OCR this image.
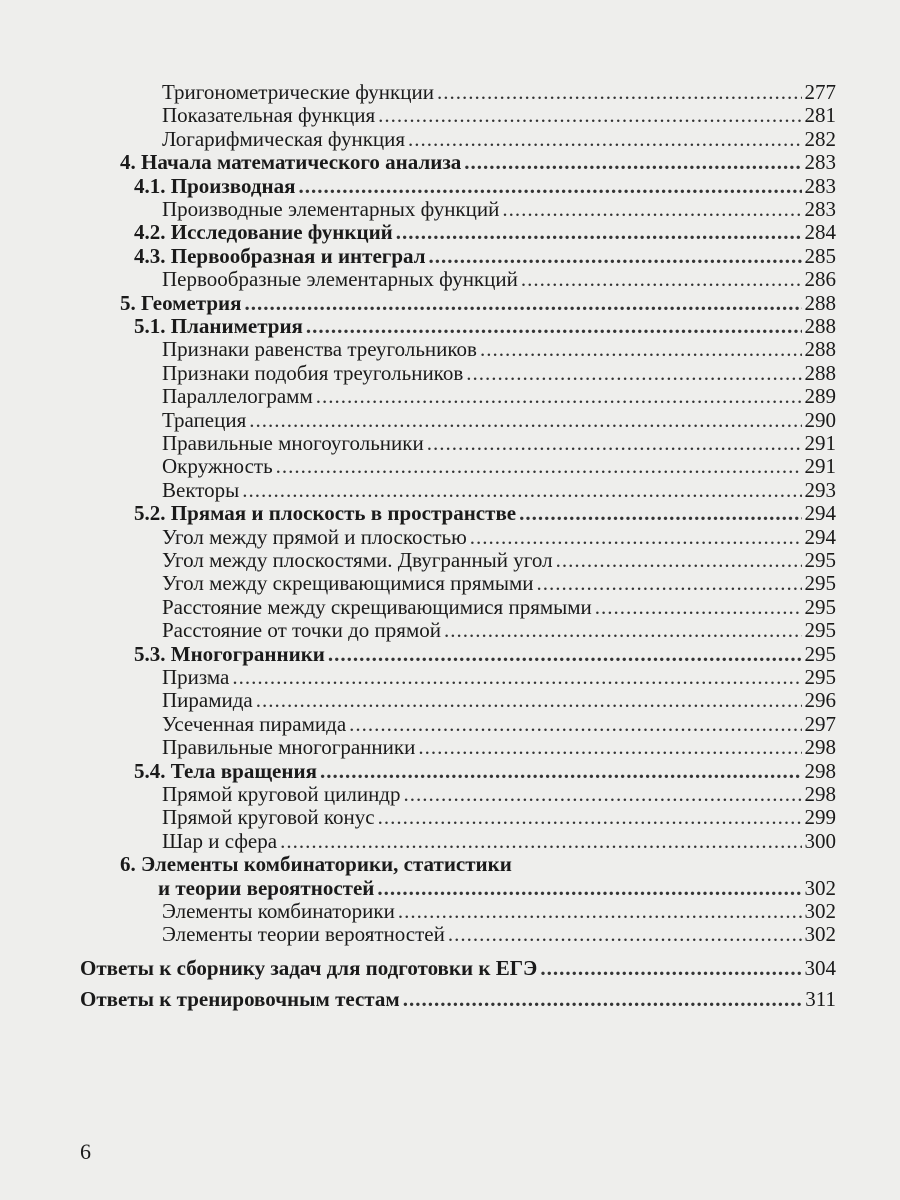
Тригонометрические функции .....	277
Показательная функция .....	281
Логарифмическая функция .....	282
4. Начала математического анализа .....	283
4.1. Производная .....	283
Производные элементарных функций .....	283
4.2. Исследование функций .....	284
4.3. Первообразная и интеграл .....	285
Первообразные элементарных функций .....	286
5. Геометрия .....	288
5.1. Планиметрия .....	288
Признаки равенства треугольников .....	288
Признаки подобия треугольников .....	288
Параллелограмм .....	289
Трапеция .....	290
Правильные многоугольники .....	291
Окружность .....	291
Векторы .....	293
5.2. Прямая и плоскость в пространстве .....	294
Угол между прямой и плоскостью .....	294
Угол между плоскостями. Двугранный угол .....	295
Угол между скрещивающимися прямыми .....	295
Расстояние между скрещивающимися прямыми .....	295
Расстояние от точки до прямой .....	295
5.3. Многогранники .....	295
Призма .....	295
Пирамида .....	296
Усеченная пирамида .....	297
Правильные многогранники .....	298
5.4. Тела вращения .....	298
Прямой круговой цилиндр .....	298
Прямой круговой конус .....	299
Шар и сфера .....	300
6. Элементы комбинаторики, статистики
и теории вероятностей .....	302
Элементы комбинаторики .....	302
Элементы теории вероятностей .....	302
Ответы к сборнику задач для подготовки к ЕГЭ .....	304
Ответы к тренировочным тестам .....	311
6
